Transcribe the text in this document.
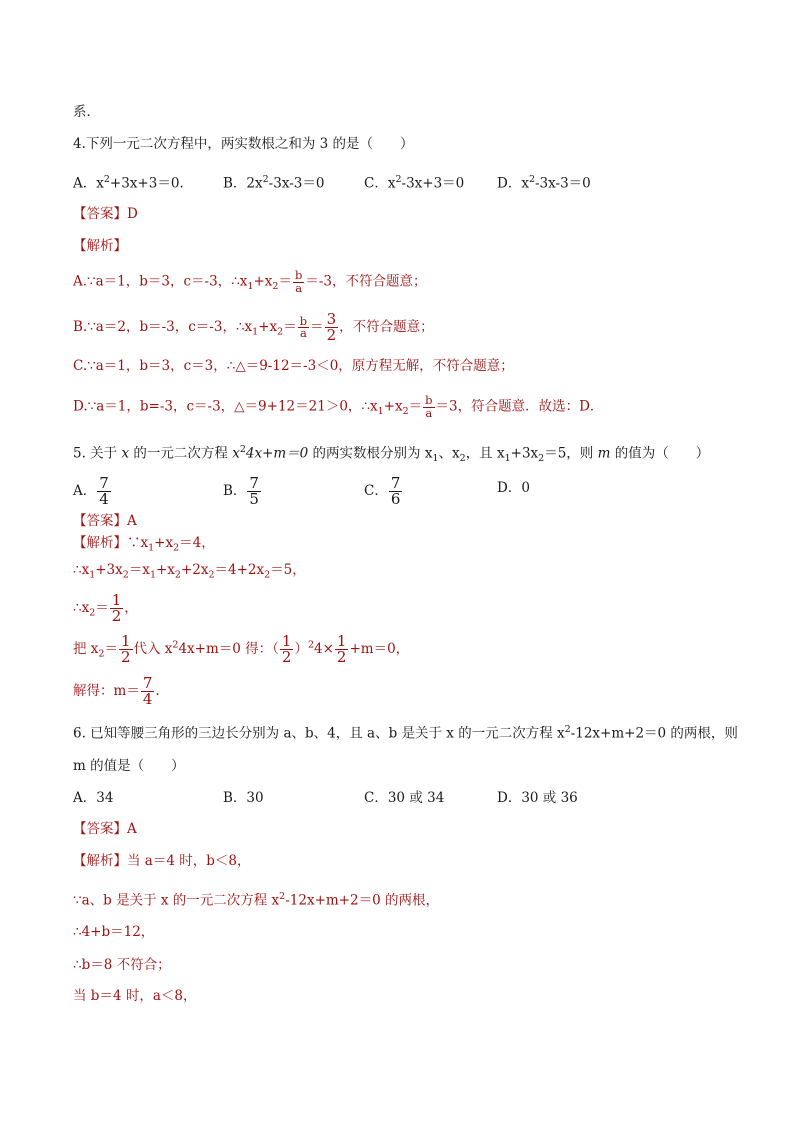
系．
4.下列一元二次方程中，两实数根之和为 3 的是（　　）
A．$x^2+3x+3=0$.	B．$2x^2-3x-3=0$	C．$x^2-3x+3=0$ D．$x^2-3x-3=0$
【答案】D
【解析】
A.∵a＝1，b＝3，c＝-3，$\therefore x_1+x_2= \frac{b}{a} =-3$，不符合题意；
B.∵a＝2，b＝-3，c＝-3，$\therefore x_1+x_2= \frac{b}{a} = \frac{3}{2}$ ，不符合题意；
C.∵a＝1，b＝3，c＝3，∴△＝9-12＝-3＜0，原方程无解，不符合题意；
D.∵a＝1，b=-3，c＝-3，△＝9+12＝21＞0，$\therefore x_1+x_2= \frac{b}{a} =3$，符合题意．故选：D．
5. 关于 x 的一元二次方程 $x^24x+m=0$ 的两实数根分别为 $x_1$、$x_2$，且 $x_1+3x_2=5$，则 m 的值为（　　）
A． $\frac{7}{4}$	B． $\frac{7}{5}$	C． $\frac{7}{6}$	D．0
【答案】A
【解析】$\because x_1+x_2=4$，
$\therefore x_1+3x_2=x_1+x_2+2x_2=4+2x_2=5$，
$\therefore x_2= \frac{1}{2}$ ，
把 $x_2= \frac{1}{2}$ 代入 $x^24x+m=0$ 得：（ $\frac{1}{2} )^24\times \frac{1}{2} +m=0$，
解得：$m= \frac{7}{4}$ .
6. 已知等腰三角形的三边长分别为 a、b、4，且 a、b 是关于 x 的一元二次方程 $x^2-12x+m+2=0$ 的两根，则
m 的值是（　　）
A．34	B．30	C．30 或 34	D．30 或 36
【答案】A
【解析】当 a＝4 时，b＜8，
∵a、b 是关于 x 的一元二次方程 $x^2-12x+m+2=0$ 的两根，
∴4+b＝12，
∴b＝8 不符合；
当 b＝4 时，a＜8，
